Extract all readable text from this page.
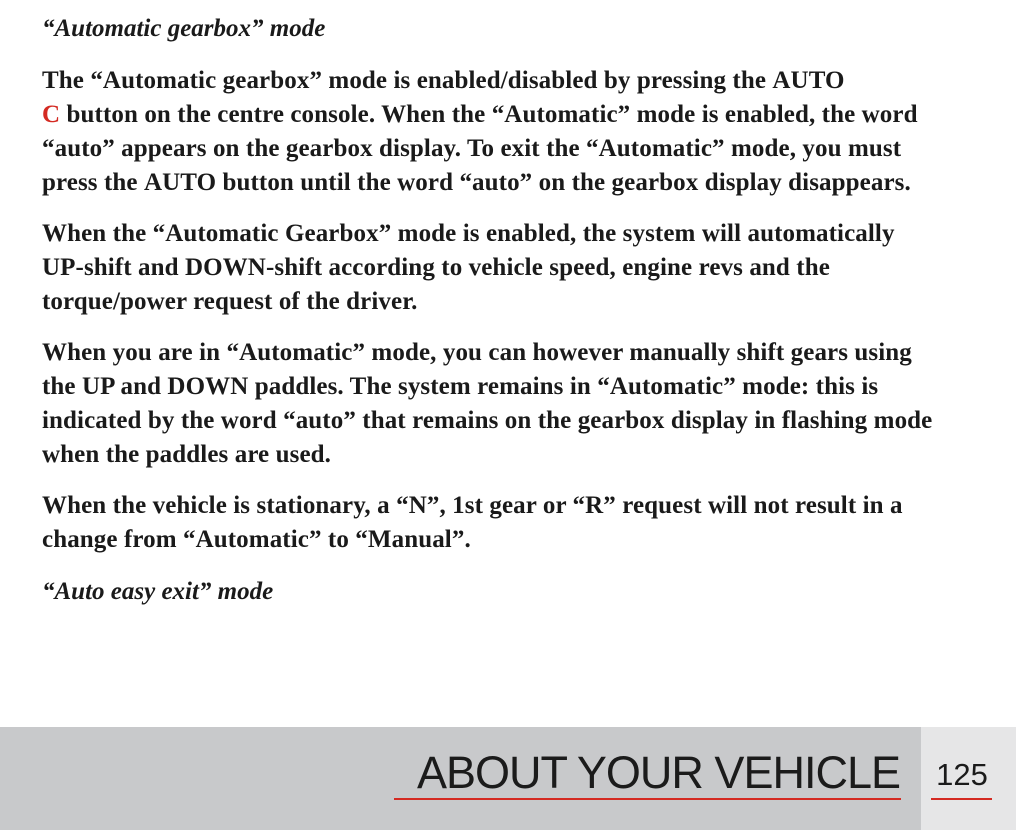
“Automatic gearbox” mode

The “Automatic gearbox” mode is enabled/disabled by pressing the AUTO
C button on the centre console. When the “Automatic” mode is enabled, the word “auto” appears on the gearbox display. To exit the “Automatic” mode, you must press the AUTO button until the word “auto” on the gearbox display disappears.

When the “Automatic Gearbox” mode is enabled, the system will automatically UP-shift and DOWN-shift according to vehicle speed, engine revs and the torque/power request of the driver.

When you are in “Automatic” mode, you can however manually shift gears using the UP and DOWN paddles. The system remains in “Automatic” mode: this is indicated by the word “auto” that remains on the gearbox display in flashing mode when the paddles are used.

When the vehicle is stationary, a “N”, 1st gear or “R” request will not result in a change from “Automatic” to “Manual”.

“Auto easy exit” mode

ABOUT YOUR VEHICLE 125
